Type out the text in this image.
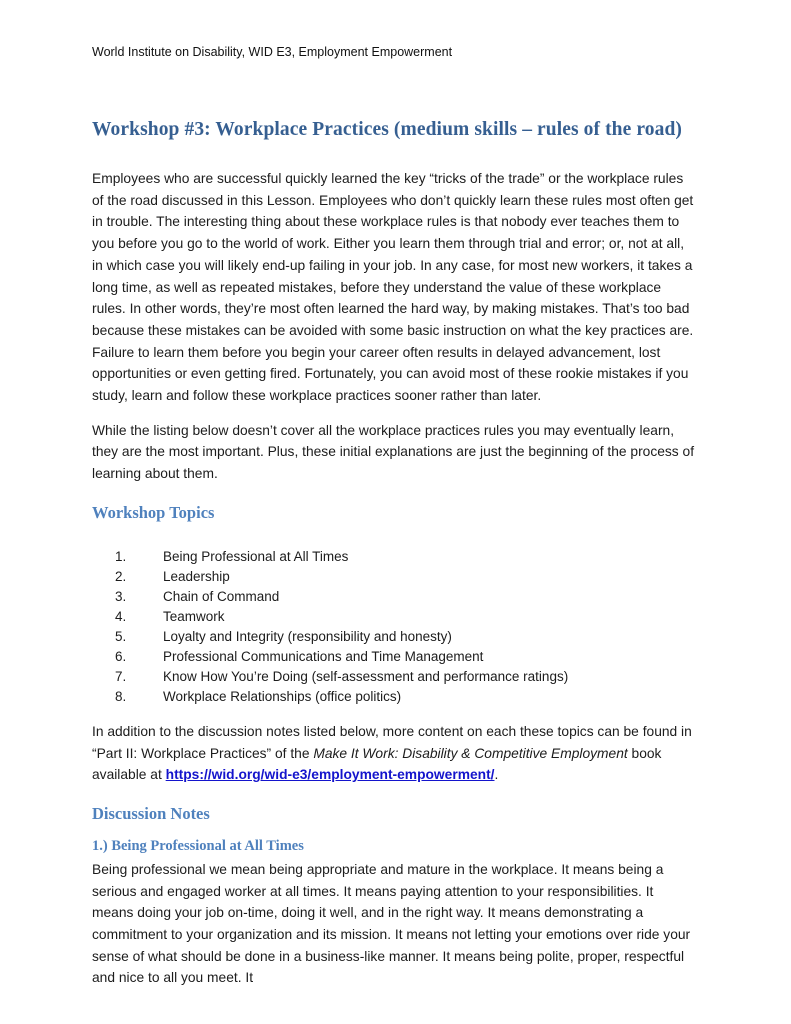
World Institute on Disability, WID E3, Employment Empowerment
Workshop #3: Workplace Practices (medium skills – rules of the road)

Employees who are successful quickly learned the key “tricks of the trade” or the workplace rules of the road discussed in this Lesson. Employees who don’t quickly learn these rules most often get in trouble. The interesting thing about these workplace rules is that nobody ever teaches them to you before you go to the world of work. Either you learn them through trial and error; or, not at all, in which case you will likely end-up failing in your job. In any case, for most new workers, it takes a long time, as well as repeated mistakes, before they understand the value of these workplace rules. In other words, they’re most often learned the hard way, by making mistakes. That’s too bad because these mistakes can be avoided with some basic instruction on what the key practices are. Failure to learn them before you begin your career often results in delayed advancement, lost opportunities or even getting fired. Fortunately, you can avoid most of these rookie mistakes if you study, learn and follow these workplace practices sooner rather than later.

While the listing below doesn’t cover all the workplace practices rules you may eventually learn, they are the most important. Plus, these initial explanations are just the beginning of the process of learning about them.

Workshop Topics
1.	Being Professional at All Times
2.	Leadership
3.	Chain of Command
4.	Teamwork
5.	Loyalty and Integrity (responsibility and honesty)
6.	Professional Communications and Time Management
7.	Know How You’re Doing (self-assessment and performance ratings)
8.	Workplace Relationships (office politics)

In addition to the discussion notes listed below, more content on each these topics can be found in “Part II: Workplace Practices” of the Make It Work: Disability & Competitive Employment book available at https://wid.org/wid-e3/employment-empowerment/.

Discussion Notes
1.) Being Professional at All Times

Being professional we mean being appropriate and mature in the workplace. It means being a serious and engaged worker at all times. It means paying attention to your responsibilities. It means doing your job on-time, doing it well, and in the right way. It means demonstrating a commitment to your organization and its mission. It means not letting your emotions over ride your sense of what should be done in a business-like manner. It means being polite, proper, respectful and nice to all you meet. It
